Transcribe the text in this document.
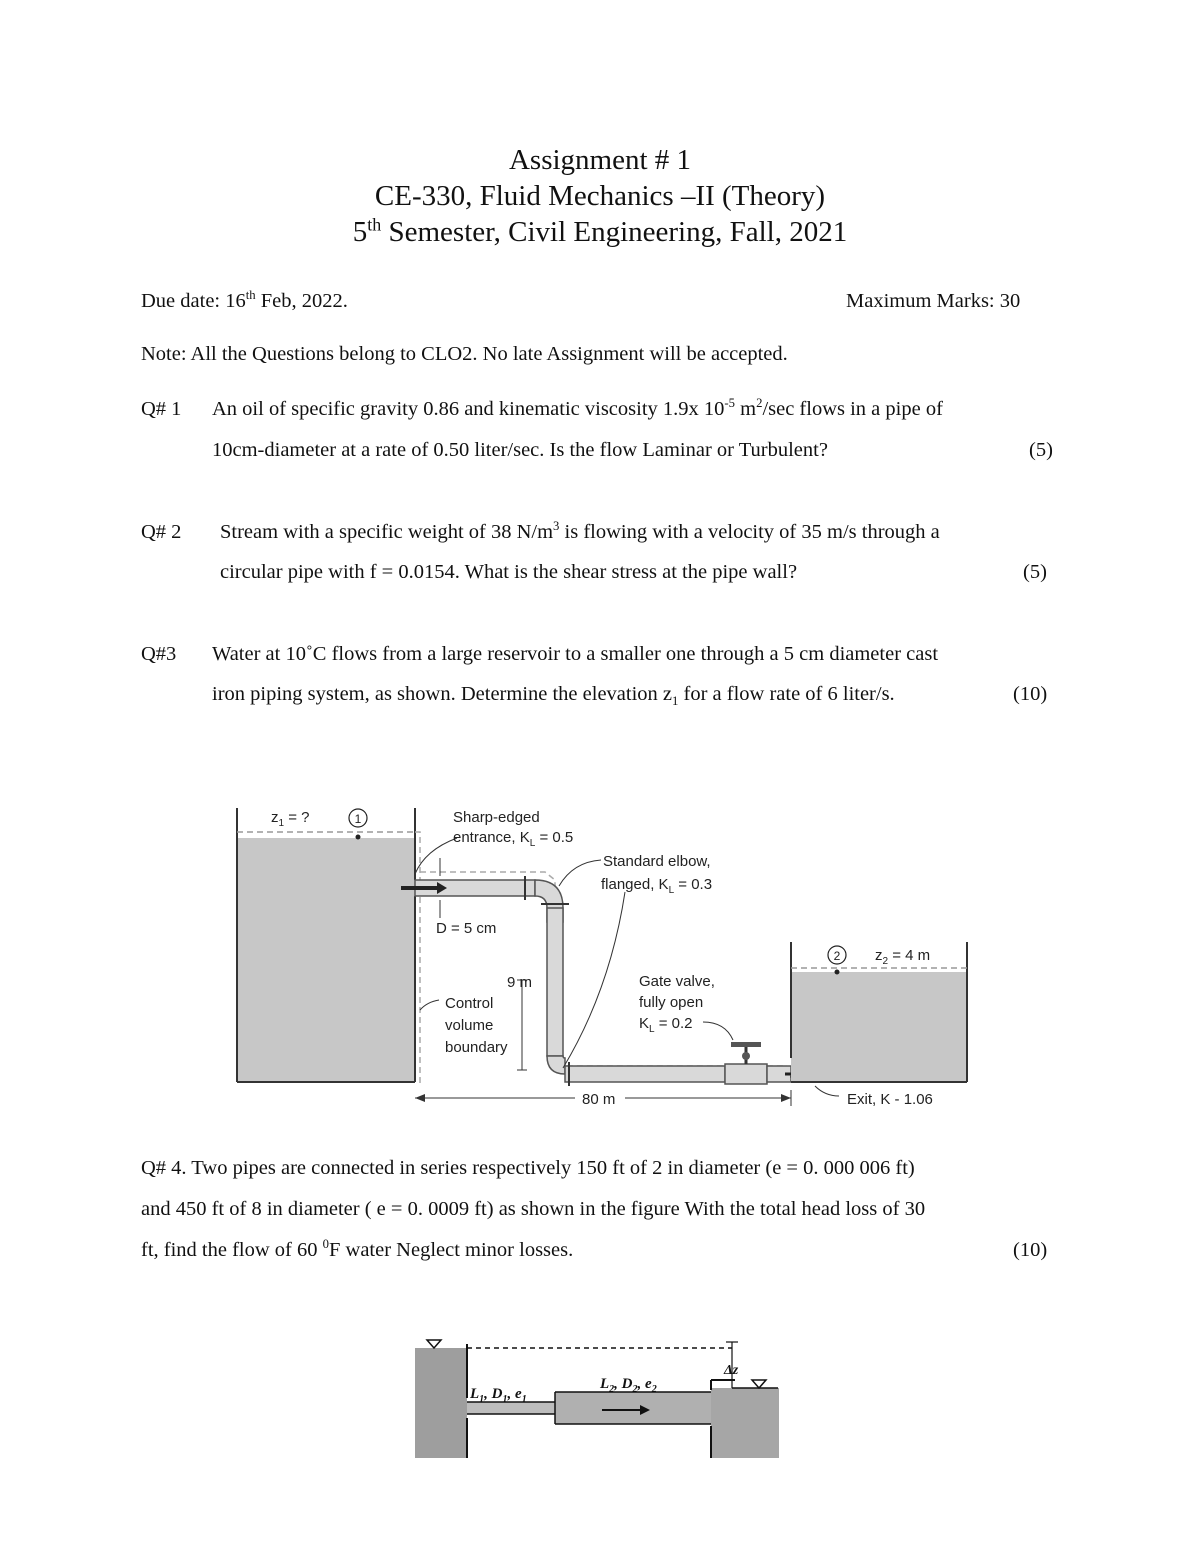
Assignment # 1
CE-330, Fluid Mechanics –II (Theory)
5th Semester, Civil Engineering, Fall, 2021
Due date: 16th Feb, 2022.	Maximum Marks: 30
Note: All the Questions belong to CLO2. No late Assignment will be accepted.
Q# 1 An oil of specific gravity 0.86 and kinematic viscosity 1.9x $10^{-5}$ $m^2/\sec$ flows in a pipe of
10cm-diameter at a rate of 0.50 liter/sec. Is the flow Laminar or Turbulent?	(5)
Q# 2 Stream with a specific weight of 38 $N/m^3$ is flowing with a velocity of 35 m/s through a
circular pipe with f = 0.0154. What is the shear stress at the pipe wall?	(5)
Q#3 Water at 10˚C flows from a large reservoir to a smaller one through a 5 cm diameter cast
iron piping system, as shown. Determine the elevation $z_1$ for a flow rate of 6 liter/s.	(10)
$z_1$ = ?	1	Sharp-edged
entrance, $K_L = 0.5$
Standard elbow,
flanged, $K_L = 0.3$
D = 5 cm
9 m
Control
volume
boundary
Gate valve,
fully open
$K_L = 0.2$
2 $z_2 = 4$ m
80 m	Exit, K - 1.06
Q# 4. Two pipes are connected in series respectively 150 ft of 2 in diameter (e = 0. 000 006 ft)
and 450 ft of 8 in diameter ( e = 0. 0009 ft) as shown in the figure With the total head loss of 30
ft, find the flow of 60 $^0$F water Neglect minor losses.	(10)
Δz
$L_1$, $D_1$, $e_1$
$L_2$, $D_2$, $e_2$
